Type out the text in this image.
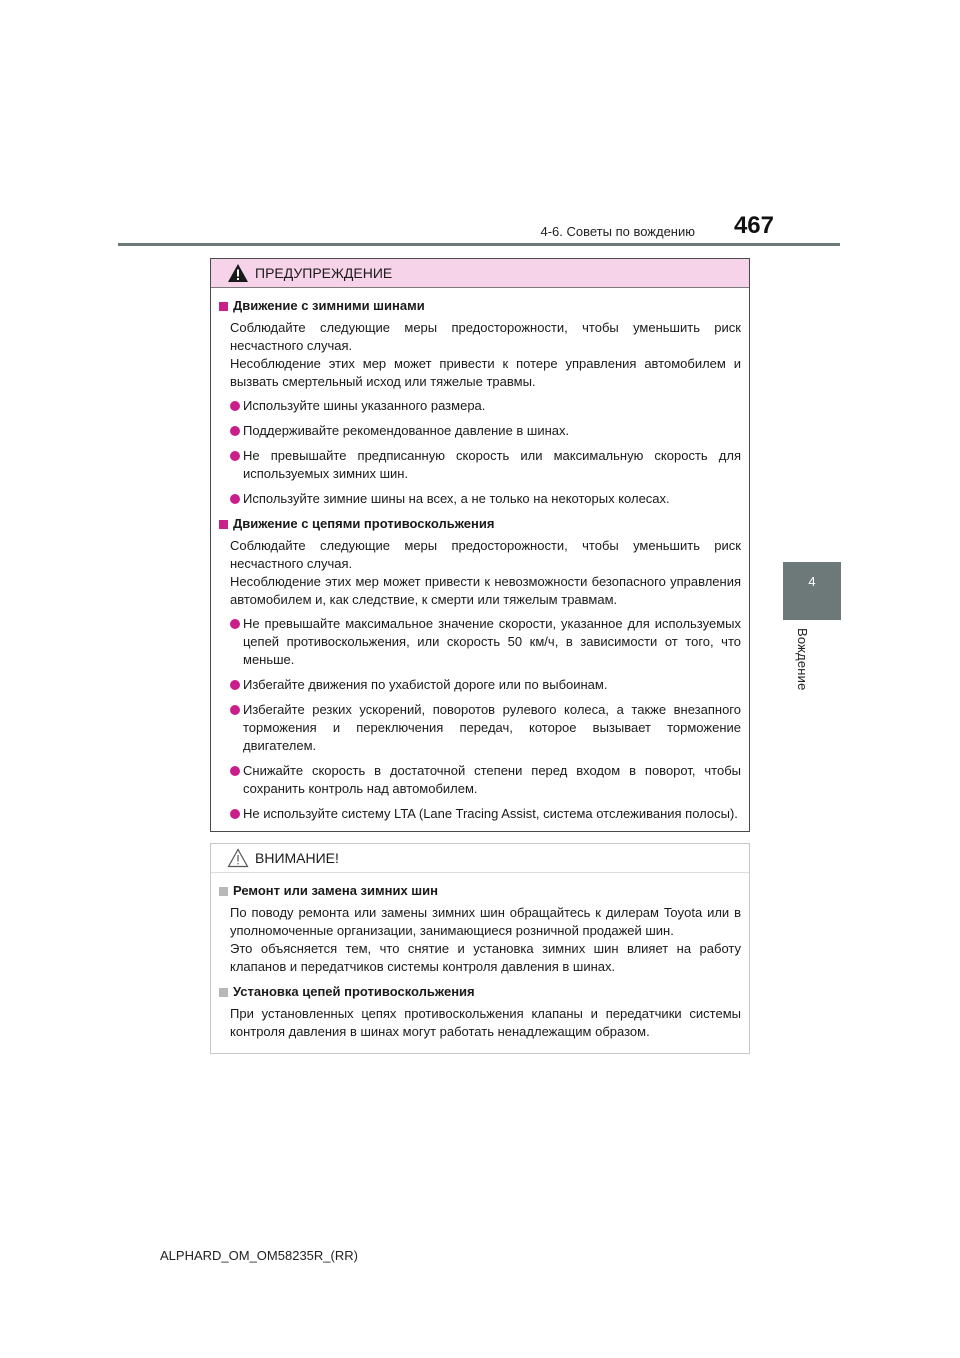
4-6. Советы по вождению 467
4
Вождение
ПРЕДУПРЕЖДЕНИЕ
Движение с зимними шинами
Соблюдайте следующие меры предосторожности, чтобы уменьшить риск несчастного случая.
Несоблюдение этих мер может привести к потере управления автомобилем и вызвать смертельный исход или тяжелые травмы.
Используйте шины указанного размера.
Поддерживайте рекомендованное давление в шинах.
Не превышайте предписанную скорость или максимальную скорость для используемых зимних шин.
Используйте зимние шины на всех, а не только на некоторых колесах.
Движение с цепями противоскольжения
Соблюдайте следующие меры предосторожности, чтобы уменьшить риск несчастного случая.
Несоблюдение этих мер может привести к невозможности безопасного управления автомобилем и, как следствие, к смерти или тяжелым травмам.
Не превышайте максимальное значение скорости, указанное для используемых цепей противоскольжения, или скорость 50 км/ч, в зависимости от того, что меньше.
Избегайте движения по ухабистой дороге или по выбоинам.
Избегайте резких ускорений, поворотов рулевого колеса, а также внезапного торможения и переключения передач, которое вызывает торможение двигателем.
Снижайте скорость в достаточной степени перед входом в поворот, чтобы сохранить контроль над автомобилем.
Не используйте систему LTA (Lane Tracing Assist, система отслеживания полосы).
ВНИМАНИЕ!
Ремонт или замена зимних шин
По поводу ремонта или замены зимних шин обращайтесь к дилерам Toyota или в уполномоченные организации, занимающиеся розничной продажей шин.
Это объясняется тем, что снятие и установка зимних шин влияет на работу клапанов и передатчиков системы контроля давления в шинах.
Установка цепей противоскольжения
При установленных цепях противоскольжения клапаны и передатчики системы контроля давления в шинах могут работать ненадлежащим образом.
ALPHARD_OM_OM58235R_(RR)
